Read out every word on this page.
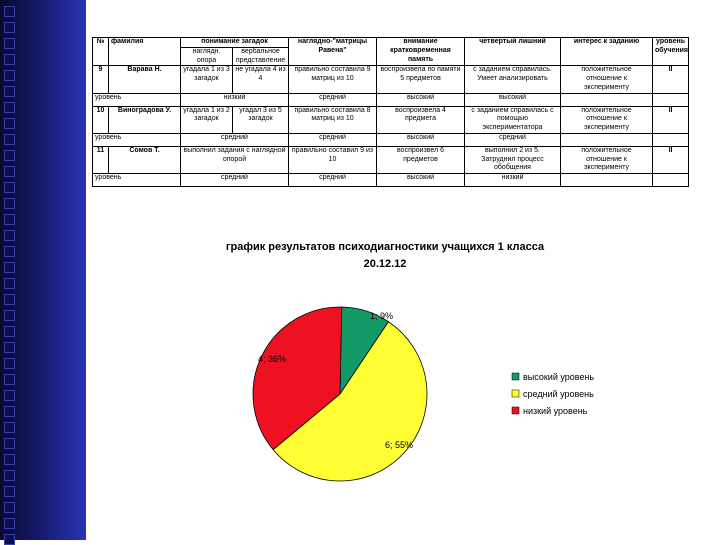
№	фамилия	понимание загадок		наглядно-"матрицы Равена"	внимание кратковременная память	четвертый лишний	интерес к заданию	уровень обучения
		наглядн. опора	вербальное представление					
9	Варава Н.	угадала 1 из 3 загадок	не угадала 4 из 4	правильно составила 9 матриц из 10	воспроизвела по памяти 5 предметов	с заданием справилась. Умеет анализировать	положительное отношение к эксперименту	II
уровень		низкий		средний	высокий	высокий		
10	Виноградова У.	угадала 1 из 2 загадок	угадал 3 из 5 загадок	правильно составила 8 матриц из 10	воспроизвела 4 предмета	с заданием справилась с помощью экспериментатора	положительное отношение к эксперименту	II
уровень		средний		средний	высокий	средний		
11	Сомов Т.	выполнил задания с наглядной опорой		правильно составил 9 из 10	воспроизвел 6 предметов	выполнил 2 из 5. Затруднил процесс обобщения	положительное отношение к эксперименту	II
уровень		средний		средний	высокий	низкий		
график результатов психодиагностики учащихся 1 класса
20.12.12
1; 9%
6; 55%
4; 36%
высокий уровень
средний уровень
низкий уровень
